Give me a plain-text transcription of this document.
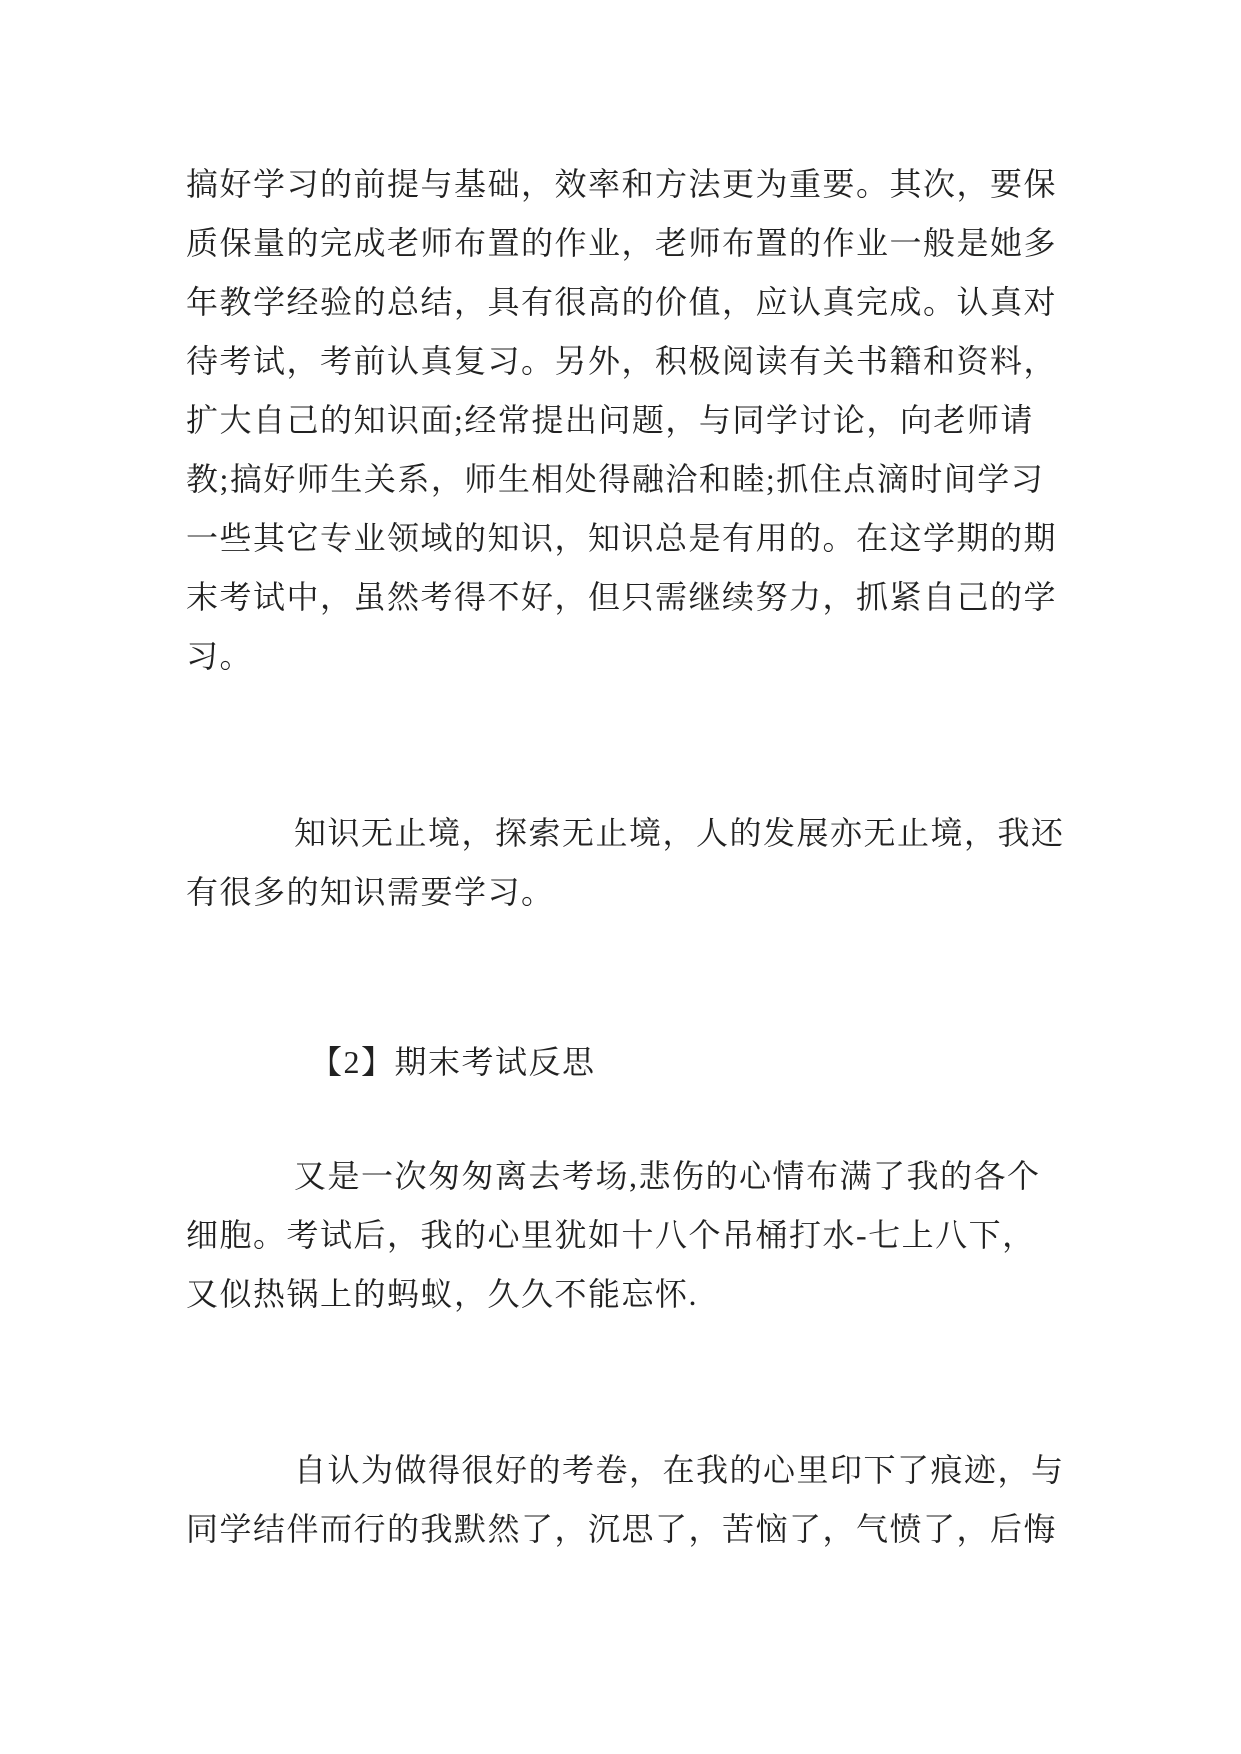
搞好学习的前提与基础，效率和方法更为重要。其次，要保
质保量的完成老师布置的作业，老师布置的作业一般是她多
年教学经验的总结，具有很高的价值，应认真完成。认真对
待考试，考前认真复习。另外，积极阅读有关书籍和资料，
扩大自己的知识面;经常提出问题，与同学讨论，向老师请
教;搞好师生关系，师生相处得融洽和睦;抓住点滴时间学习
一些其它专业领域的知识，知识总是有用的。在这学期的期
末考试中，虽然考得不好，但只需继续努力，抓紧自己的学
习。
知识无止境，探索无止境，人的发展亦无止境，我还
有很多的知识需要学习。
【2】期末考试反思
又是一次匆匆离去考场,悲伤的心情布满了我的各个
细胞。考试后，我的心里犹如十八个吊桶打水-七上八下，
又似热锅上的蚂蚁，久久不能忘怀.
自认为做得很好的考卷，在我的心里印下了痕迹，与
同学结伴而行的我默然了，沉思了，苦恼了，气愤了，后悔
